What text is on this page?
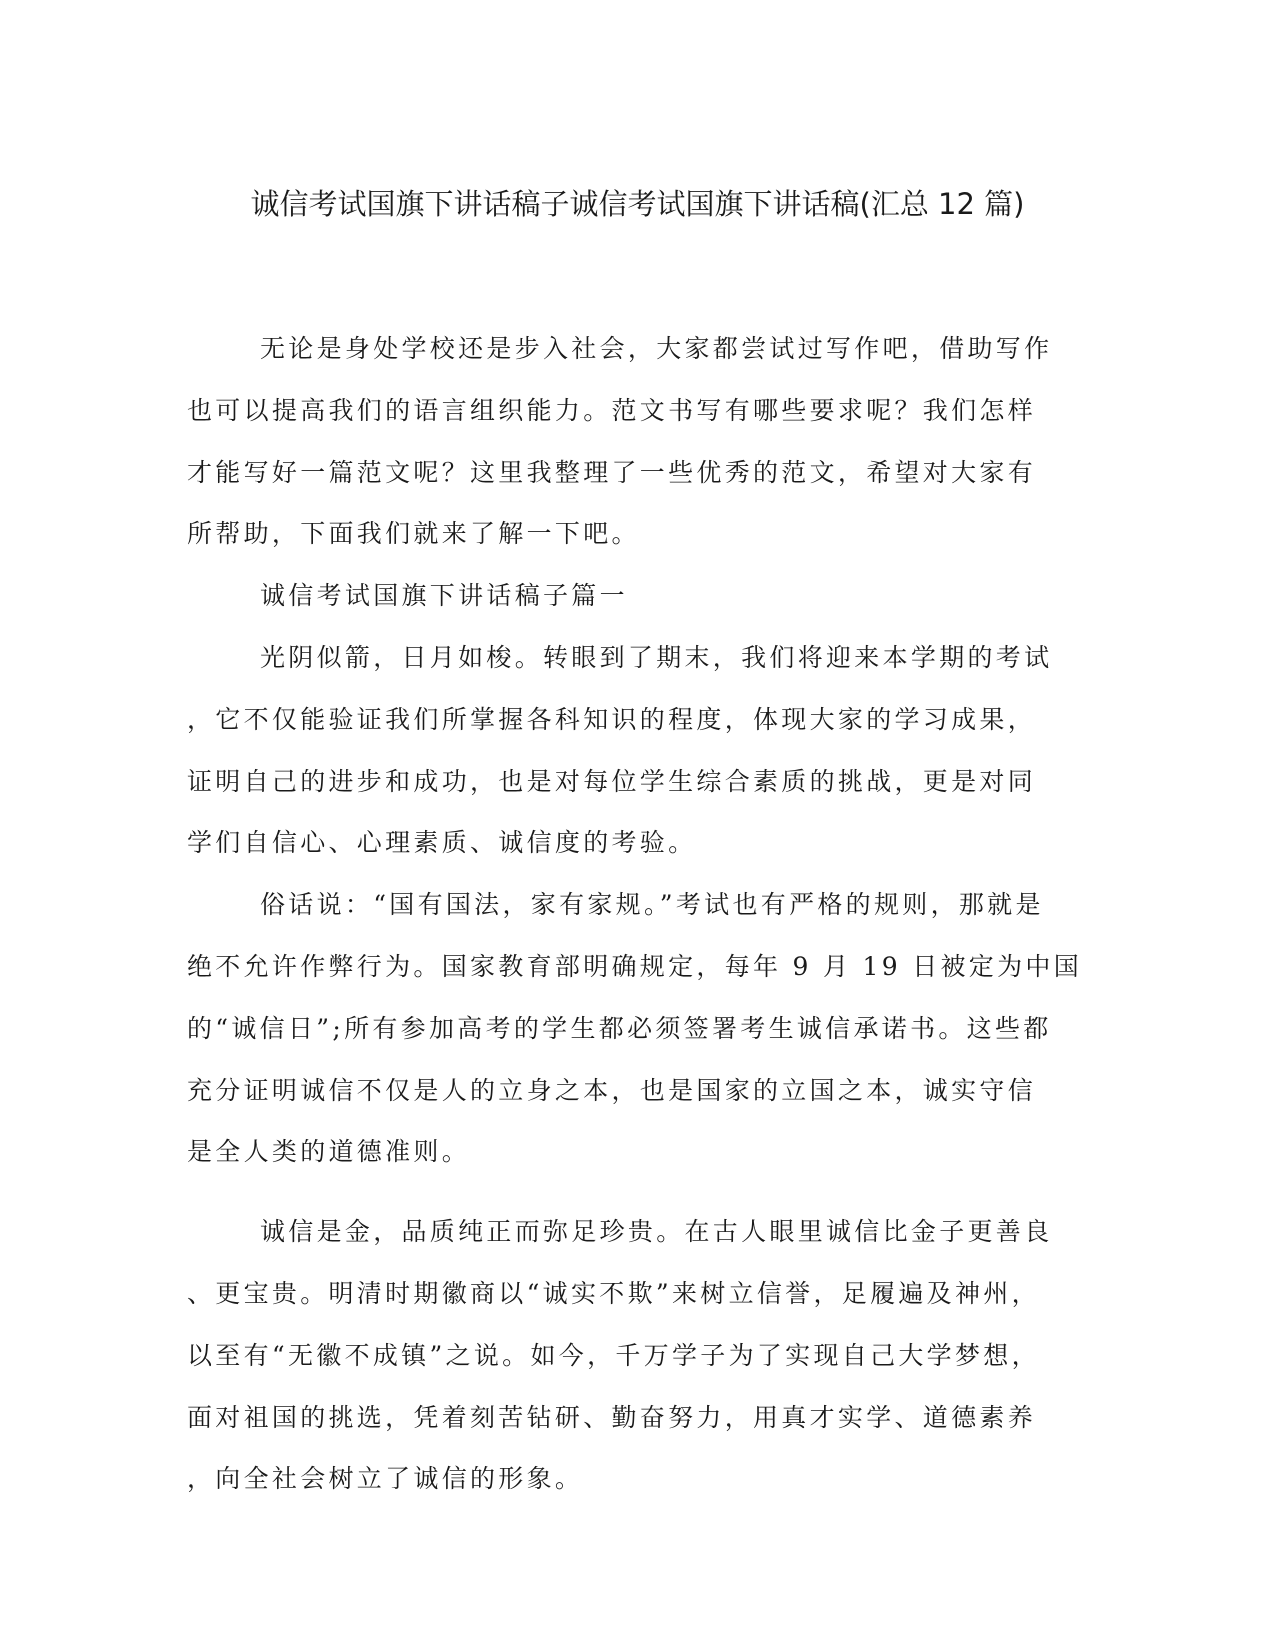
诚信考试国旗下讲话稿子诚信考试国旗下讲话稿(汇总 12 篇)

无论是身处学校还是步入社会，大家都尝试过写作吧，借助写作

也可以提高我们的语言组织能力。范文书写有哪些要求呢？我们怎样

才能写好一篇范文呢？这里我整理了一些优秀的范文，希望对大家有

所帮助，下面我们就来了解一下吧。

诚信考试国旗下讲话稿子篇一

光阴似箭，日月如梭。转眼到了期末，我们将迎来本学期的考试

，它不仅能验证我们所掌握各科知识的程度，体现大家的学习成果，

证明自己的进步和成功，也是对每位学生综合素质的挑战，更是对同

学们自信心、心理素质、诚信度的考验。

俗话说：“国有国法，家有家规。”考试也有严格的规则，那就是

绝不允许作弊行为。国家教育部明确规定，每年 9 月 19 日被定为中国

的“诚信日”;所有参加高考的学生都必须签署考生诚信承诺书。这些都

充分证明诚信不仅是人的立身之本，也是国家的立国之本，诚实守信

是全人类的道德准则。

诚信是金，品质纯正而弥足珍贵。在古人眼里诚信比金子更善良

、更宝贵。明清时期徽商以“诚实不欺”来树立信誉，足履遍及神州，

以至有“无徽不成镇”之说。如今，千万学子为了实现自己大学梦想，

面对祖国的挑选，凭着刻苦钻研、勤奋努力，用真才实学、道德素养

，向全社会树立了诚信的形象。
